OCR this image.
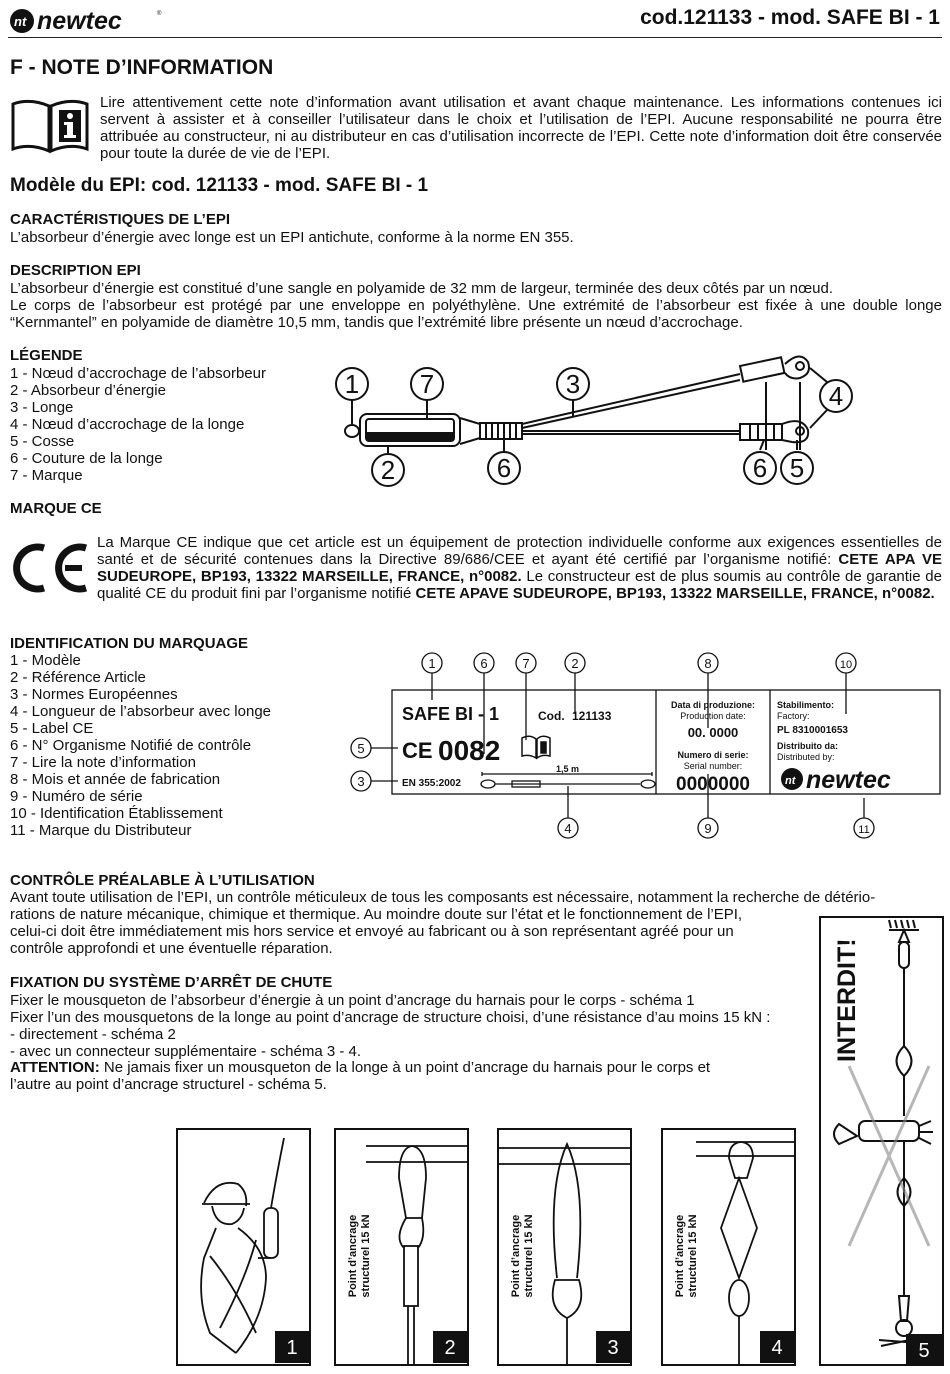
nt newtec	®	cod.121133 - mod. SAFE BI - 1
F - NOTE D’INFORMATION
Lire attentivement cette note d’information avant utilisation et avant chaque maintenance. Les informations contenues ici servent à assister et à conseiller l’utilisateur dans le choix et l’utilisation de l’EPI. Aucune responsabilité ne pourra être attribuée au constructeur, ni au distributeur en cas d’utilisation incorrecte de l’EPI. Cette note d’information doit être conservée pour toute la durée de vie de l’EPI.
Modèle du EPI: cod. 121133 - mod. SAFE BI - 1
CARACTÉRISTIQUES DE L’EPI
L’absorbeur d’énergie avec longe est un EPI antichute, conforme à la norme EN 355.
DESCRIPTION EPI
L’absorbeur d’énergie est constitué d’une sangle en polyamide de 32 mm de largeur, terminée des deux côtés par un nœud.
Le corps de l’absorbeur est protégé par une enveloppe en polyéthylène. Une extrémité de l’absorbeur est fixée à une double longe “Kernmantel” en polyamide de diamètre 10,5 mm, tandis que l’extrémité libre présente un nœud d’accrochage.
LÉGENDE
1 - Nœud d’accrochage de l’absorbeur
2 - Absorbeur d’énergie
3 - Longe
4 - Nœud d’accrochage de la longe
5 - Cosse
6 - Couture de la longe
7 - Marque
1 7	3	4
2	6	6 5
MARQUE CE
La Marque CE indique que cet article est un équipement de protection individuelle conforme aux exigences essentielles de santé et de sécurité contenues dans la Directive 89/686/CEE et ayant été certifié par l’organisme notifié: CETE APA VE SUDEUROPE, BP193, 13322 MARSEILLE, FRANCE, n°0082. Le constructeur est de plus soumis au contrôle de garantie de qualité CE du produit fini par l’organisme notifié CETE APAVE SUDEUROPE, BP193, 13322 MARSEILLE, FRANCE, n°0082.
IDENTIFICATION DU MARQUAGE
1 - Modèle
2 - Référence Article
3 - Normes Européennes
4 - Longueur de l’absorbeur avec longe
5 - Label CE
6 - N° Organisme Notifié de contrôle
7 - Lire la note d’information
8 - Mois et année de fabrication
9 - Numéro de série
10 - Identification Établissement
11 - Marque du Distributeur
1	6	7	2	8	10
5
3
4	9	11
SAFE BI - 1	Cod. 121133
CE 0082
EN 355:2002
1,5 m
Data di produzione:
Production date:
00. 0000
Numero di serie:
Serial number:
0000000
Stabilimento:
Factory:
PL 8310001653
Distribuito da:
Distributed by:
nt newtec
CONTRÔLE PRÉALABLE À L’UTILISATION
Avant toute utilisation de l’EPI, un contrôle méticuleux de tous les composants est nécessaire, notamment la recherche de détério-
rations de nature mécanique, chimique et thermique. Au moindre doute sur l’état et le fonctionnement de l’EPI,
celui-ci doit être immédiatement mis hors service et envoyé au fabricant ou à son représentant agréé pour un
contrôle approfondi et une éventuelle réparation.
FIXATION DU SYSTÈME D’ARRÊT DE CHUTE
Fixer le mousqueton de l’absorbeur d’énergie à un point d’ancrage du harnais pour le corps - schéma 1
Fixer l’un des mousquetons de la longe au point d’ancrage de structure choisi, d’une résistance d’au moins 15 kN :
- directement - schéma 2
- avec un connecteur supplémentaire - schéma 3 - 4.
ATTENTION: Ne jamais fixer un mousqueton de la longe à un point d’ancrage du harnais pour le corps et
l’autre au point d’ancrage structurel - schéma 5.
INTERDIT!
5
1
Point d’ancrage structurel 15 kN
2
Point d’ancrage structurel 15 kN
3
Point d’ancrage structurel 15 kN
4
